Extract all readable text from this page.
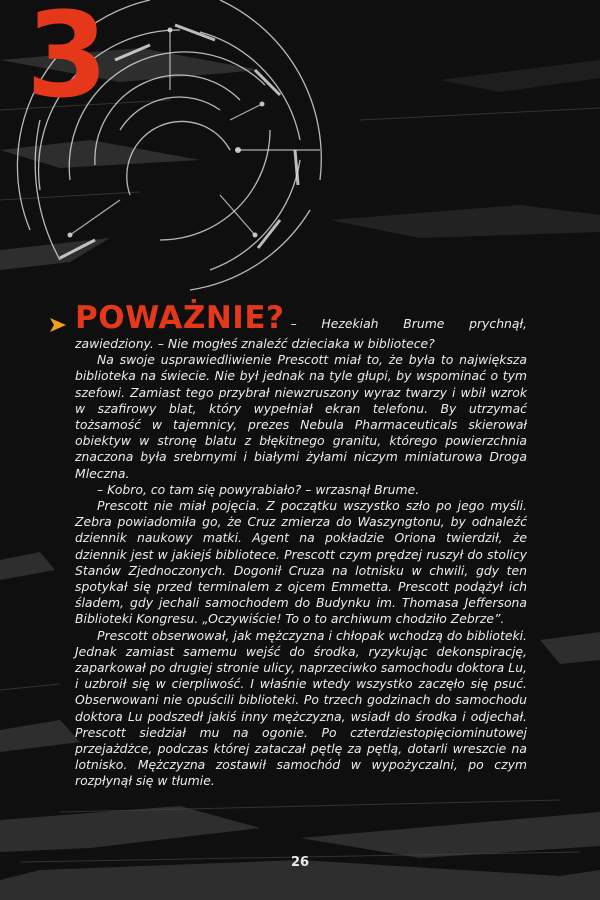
3

POWAŻNIE? – Hezekiah Brume prychnął, zawiedziony. – Nie mogłeś znaleźć dzieciaka w bibliotece?

Na swoje usprawiedliwienie Prescott miał to, że była to największa biblioteka na świecie. Nie był jednak na tyle głupi, by wspominać o tym szefowi. Zamiast tego przybrał niewzruszony wyraz twarzy i wbił wzrok w szafirowy blat, który wypełniał ekran telefonu. By utrzymać tożsamość w tajemnicy, prezes Nebula Pharmaceuticals skierował obiektyw w stronę blatu z błękitnego granitu, którego powierzchnia znaczona była srebrnymi i białymi żyłami niczym miniaturowa Droga Mleczna.

– Kobro, co tam się powyrabiało? – wrzasnął Brume.

Prescott nie miał pojęcia. Z początku wszystko szło po jego myśli. Zebra powiadomiła go, że Cruz zmierza do Waszyngtonu, by odnaleźć dziennik naukowy matki. Agent na pokładzie Oriona twierdził, że dziennik jest w jakiejś bibliotece. Prescott czym prędzej ruszył do stolicy Stanów Zjednoczonych. Dogonił Cruza na lotnisku w chwili, gdy ten spotykał się przed terminalem z ojcem Emmetta. Prescott podążył ich śladem, gdy jechali samochodem do Budynku im. Thomasa Jeffersona Biblioteki Kongresu. „Oczywiście! To o to archiwum chodziło Zebrze”.

Prescott obserwował, jak mężczyzna i chłopak wchodzą do biblioteki. Jednak zamiast samemu wejść do środka, ryzykując dekonspirację, zaparkował po drugiej stronie ulicy, naprzeciwko samochodu doktora Lu, i uzbroił się w cierpliwość. I właśnie wtedy wszystko zaczęło się psuć. Obserwowani nie opuścili biblioteki. Po trzech godzinach do samochodu doktora Lu podszedł jakiś inny mężczyzna, wsiadł do środka i odjechał. Prescott siedział mu na ogonie. Po czterdziestopięciominutowej przejażdżce, podczas której zataczał pętlę za pętlą, dotarli wreszcie na lotnisko. Mężczyzna zostawił samochód w wypożyczalni, po czym rozpłynął się w tłumie.

26
